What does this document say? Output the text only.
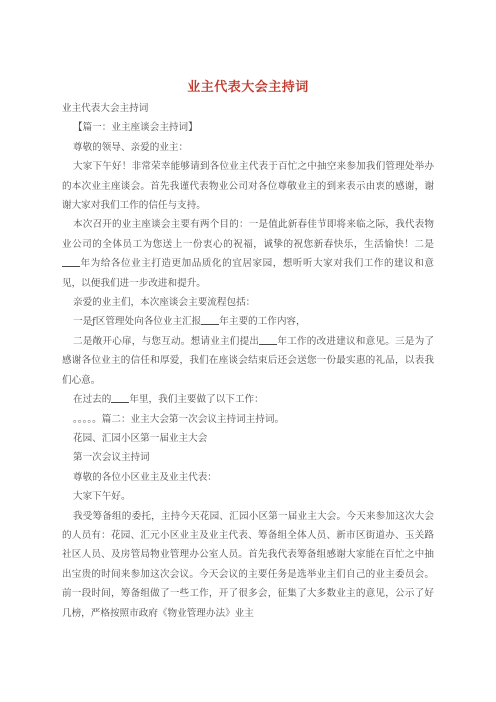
业主代表大会主持词

业主代表大会主持词

【篇一：业主座谈会主持词】

尊敬的领导、亲爱的业主：

大家下午好！非常荣幸能够请到各位业主代表于百忙之中抽空来参加我们管理处举办的本次业主座谈会。首先我谨代表物业公司对各位尊敬业主的到来表示由衷的感谢，谢谢大家对我们工作的信任与支持。

本次召开的业主座谈会主要有两个目的：一是值此新春佳节即将来临之际，我代表物业公司的全体员工为您送上一份衷心的祝福，诚挚的祝您新春快乐，生活愉快！二是年为给各位业主打造更加品质化的宜居家园，想听听大家对我们工作的建议和意见，以便我们进一步改进和提升。

亲爱的业主们，本次座谈会主要流程包括：

一是ƒ区管理处向各位业主汇报 年主要的工作内容，

二是敞开心扉，与您互动。想请业主们提出 年工作的改进建议和意见。三是为了感谢各位业主的信任和厚爱，我们在座谈会结束后还会送您一份最实惠的礼品，以表我们心意。

在过去的 年里，我们主要做了以下工作：

。。。。。篇二：业主大会第一次会议主持词主持词。

花园、汇园小区第一届业主大会

第一次会议主持词

尊敬的各位小区业主及业主代表：

大家下午好。

我受筹备组的委托，主持今天花园、汇园小区第一届业主大会。今天来参加这次大会的人员有：花园、汇元小区业主及业主代表、筹备组全体人员、新市区街道办、玉关路社区人员、及房管局物业管理办公室人员。首先我代表筹备组感谢大家能在百忙之中抽出宝贵的时间来参加这次会议。今天会议的主要任务是选举业主们自己的业主委员会。前一段时间，筹备组做了一些工作，开了很多会，征集了大多数业主的意见，公示了好几榜，严格按照市政府《物业管理办法》业主
